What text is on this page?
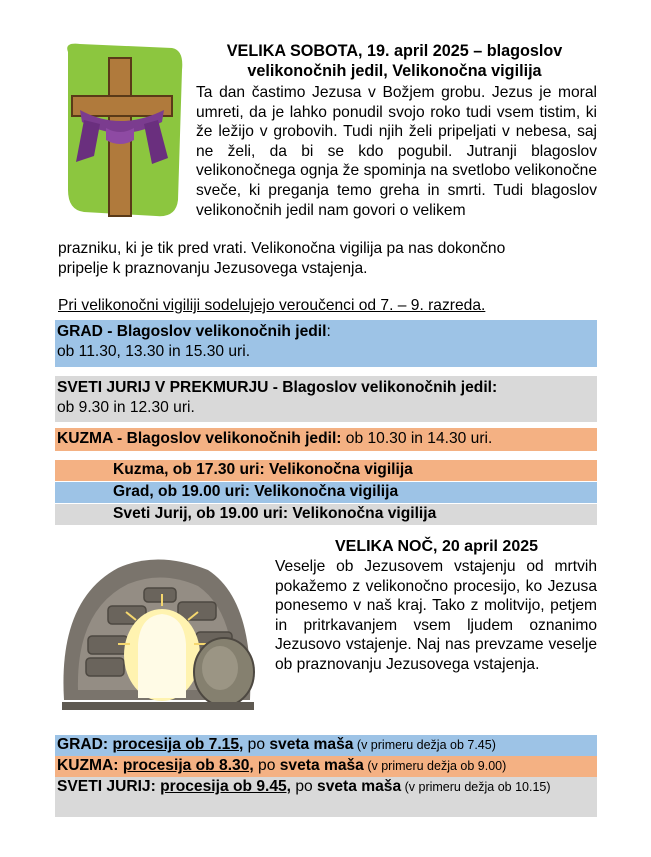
VELIKA SOBOTA, 19. april 2025 – blagoslov
velikonočnih jedil, Velikonočna vigilija
Ta dan častimo Jezusa v Božjem grobu. Jezus je moral umreti, da je lahko ponudil svojo roko tudi vsem tistim, ki že ležijo v grobovih. Tudi njih želi pripeljati v nebesa, saj ne želi, da bi se kdo pogubil. Jutranji blagoslov velikonočnega ognja že spominja na svetlobo velikonočne sveče, ki preganja temo greha in smrti. Tudi blagoslov velikonočnih jedil nam govori o velikem
prazniku, ki je tik pred vrati. Velikonočna vigilija pa nas dokončno
pripelje k praznovanju Jezusovega vstajenja.
Pri velikonočni vigiliji sodelujejo veroučenci od 7. – 9. razreda.
GRAD - Blagoslov velikonočnih jedil:
ob 11.30, 13.30 in 15.30 uri.
SVETI JURIJ V PREKMURJU - Blagoslov velikonočnih jedil:
ob 9.30 in 12.30 uri.
KUZMA - Blagoslov velikonočnih jedil: ob 10.30 in 14.30 uri.
Kuzma, ob 17.30 uri: Velikonočna vigilija
Grad, ob 19.00 uri: Velikonočna vigilija
Sveti Jurij, ob 19.00 uri: Velikonočna vigilija
VELIKA NOČ, 20 april 2025
Veselje ob Jezusovem vstajenju od mrtvih pokažemo z velikonočno procesijo, ko Jezusa ponesemo v naš kraj. Tako z molitvijo, petjem in pritrkavanjem vsem ljudem oznanimo Jezusovo vstajenje. Naj nas prevzame veselje ob praznovanju Jezusovega vstajenja.
GRAD: procesija ob 7.15, po sveta maša (v primeru dežja ob 7.45)
KUZMA: procesija ob 8.30, po sveta maša (v primeru dežja ob 9.00)
SVETI JURIJ: procesija ob 9.45, po sveta maša (v primeru dežja ob 10.15)
